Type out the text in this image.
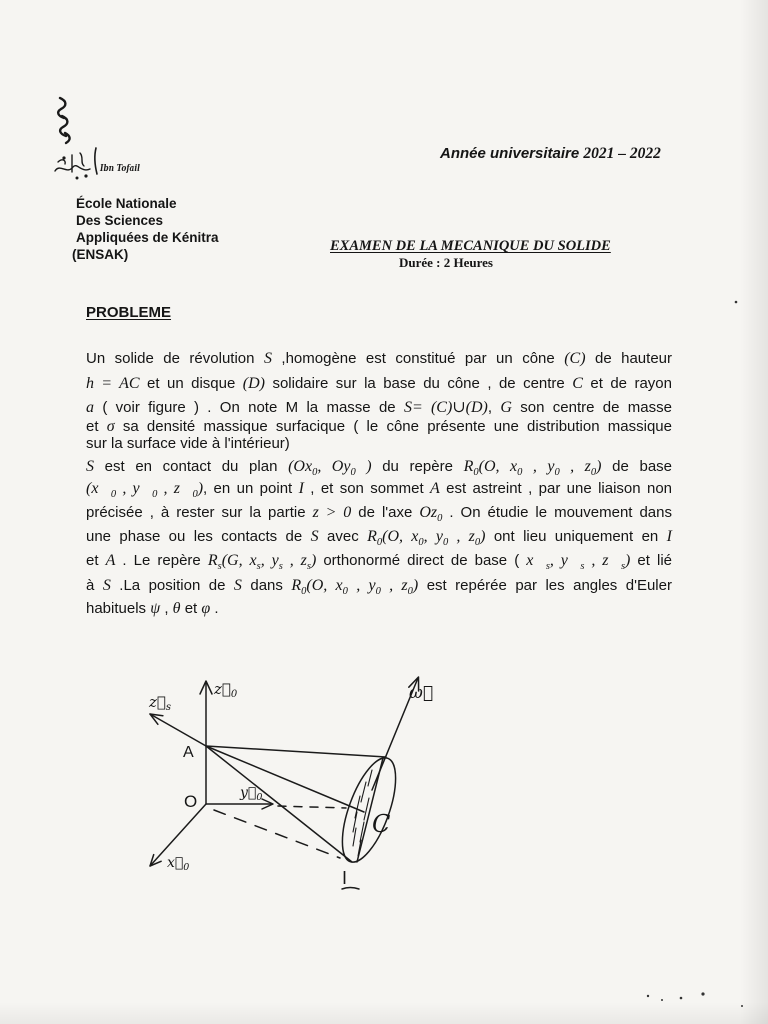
Ibn Tofail
Année universitaire 2021 – 2022
École Nationale
Des Sciences
Appliquées de Kénitra
(ENSAK)
EXAMEN DE LA MECANIQUE DU SOLIDE
Durée : 2 Heures
PROBLEME
Un solide de révolution S ,homogène est constitué par un cône (C) de hauteur
h = AC et un disque (D) solidaire sur la base du cône , de centre C et de rayon
a ( voir figure ) . On note M la masse de S= (C)∪(D), G son centre de masse
et σ sa densité massique surfacique ( le cône présente une distribution massique
sur la surface vide à l'intérieur)
S est en contact du plan ($Ox_0$, $Oy_0$ ) du repère $R_0(O$, $x_0$ , $y_0$ , $z_0$) de base
($x⃗_0$ , $y⃗_0$ , $z⃗_0$), en un point I , et son sommet A est astreint , par une liaison non
précisée , à rester sur la partie z > 0 de l'axe $Oz_0$ . On étudie le mouvement dans
une phase ou les contacts de S avec $R_0(O$, $x_0$, $y_0$ , $z_0$) ont lieu uniquement en I
et A . Le repère $R_s(G$, $x_s$, $y_s$ , $z_s$) orthonormé direct de base ( $x⃗_s$, $y⃗_s$ , $z⃗_s$) et lié
à S .La position de S dans $R_0(O$, $x_0$ , $y_0$ , $z_0$) est repérée par les angles d'Euler
habituels ψ , θ et φ .
$z⃗_s$
$z⃗_0$
A
O	$y⃗_0$
$x⃗_0$
C
I
ω⃗
